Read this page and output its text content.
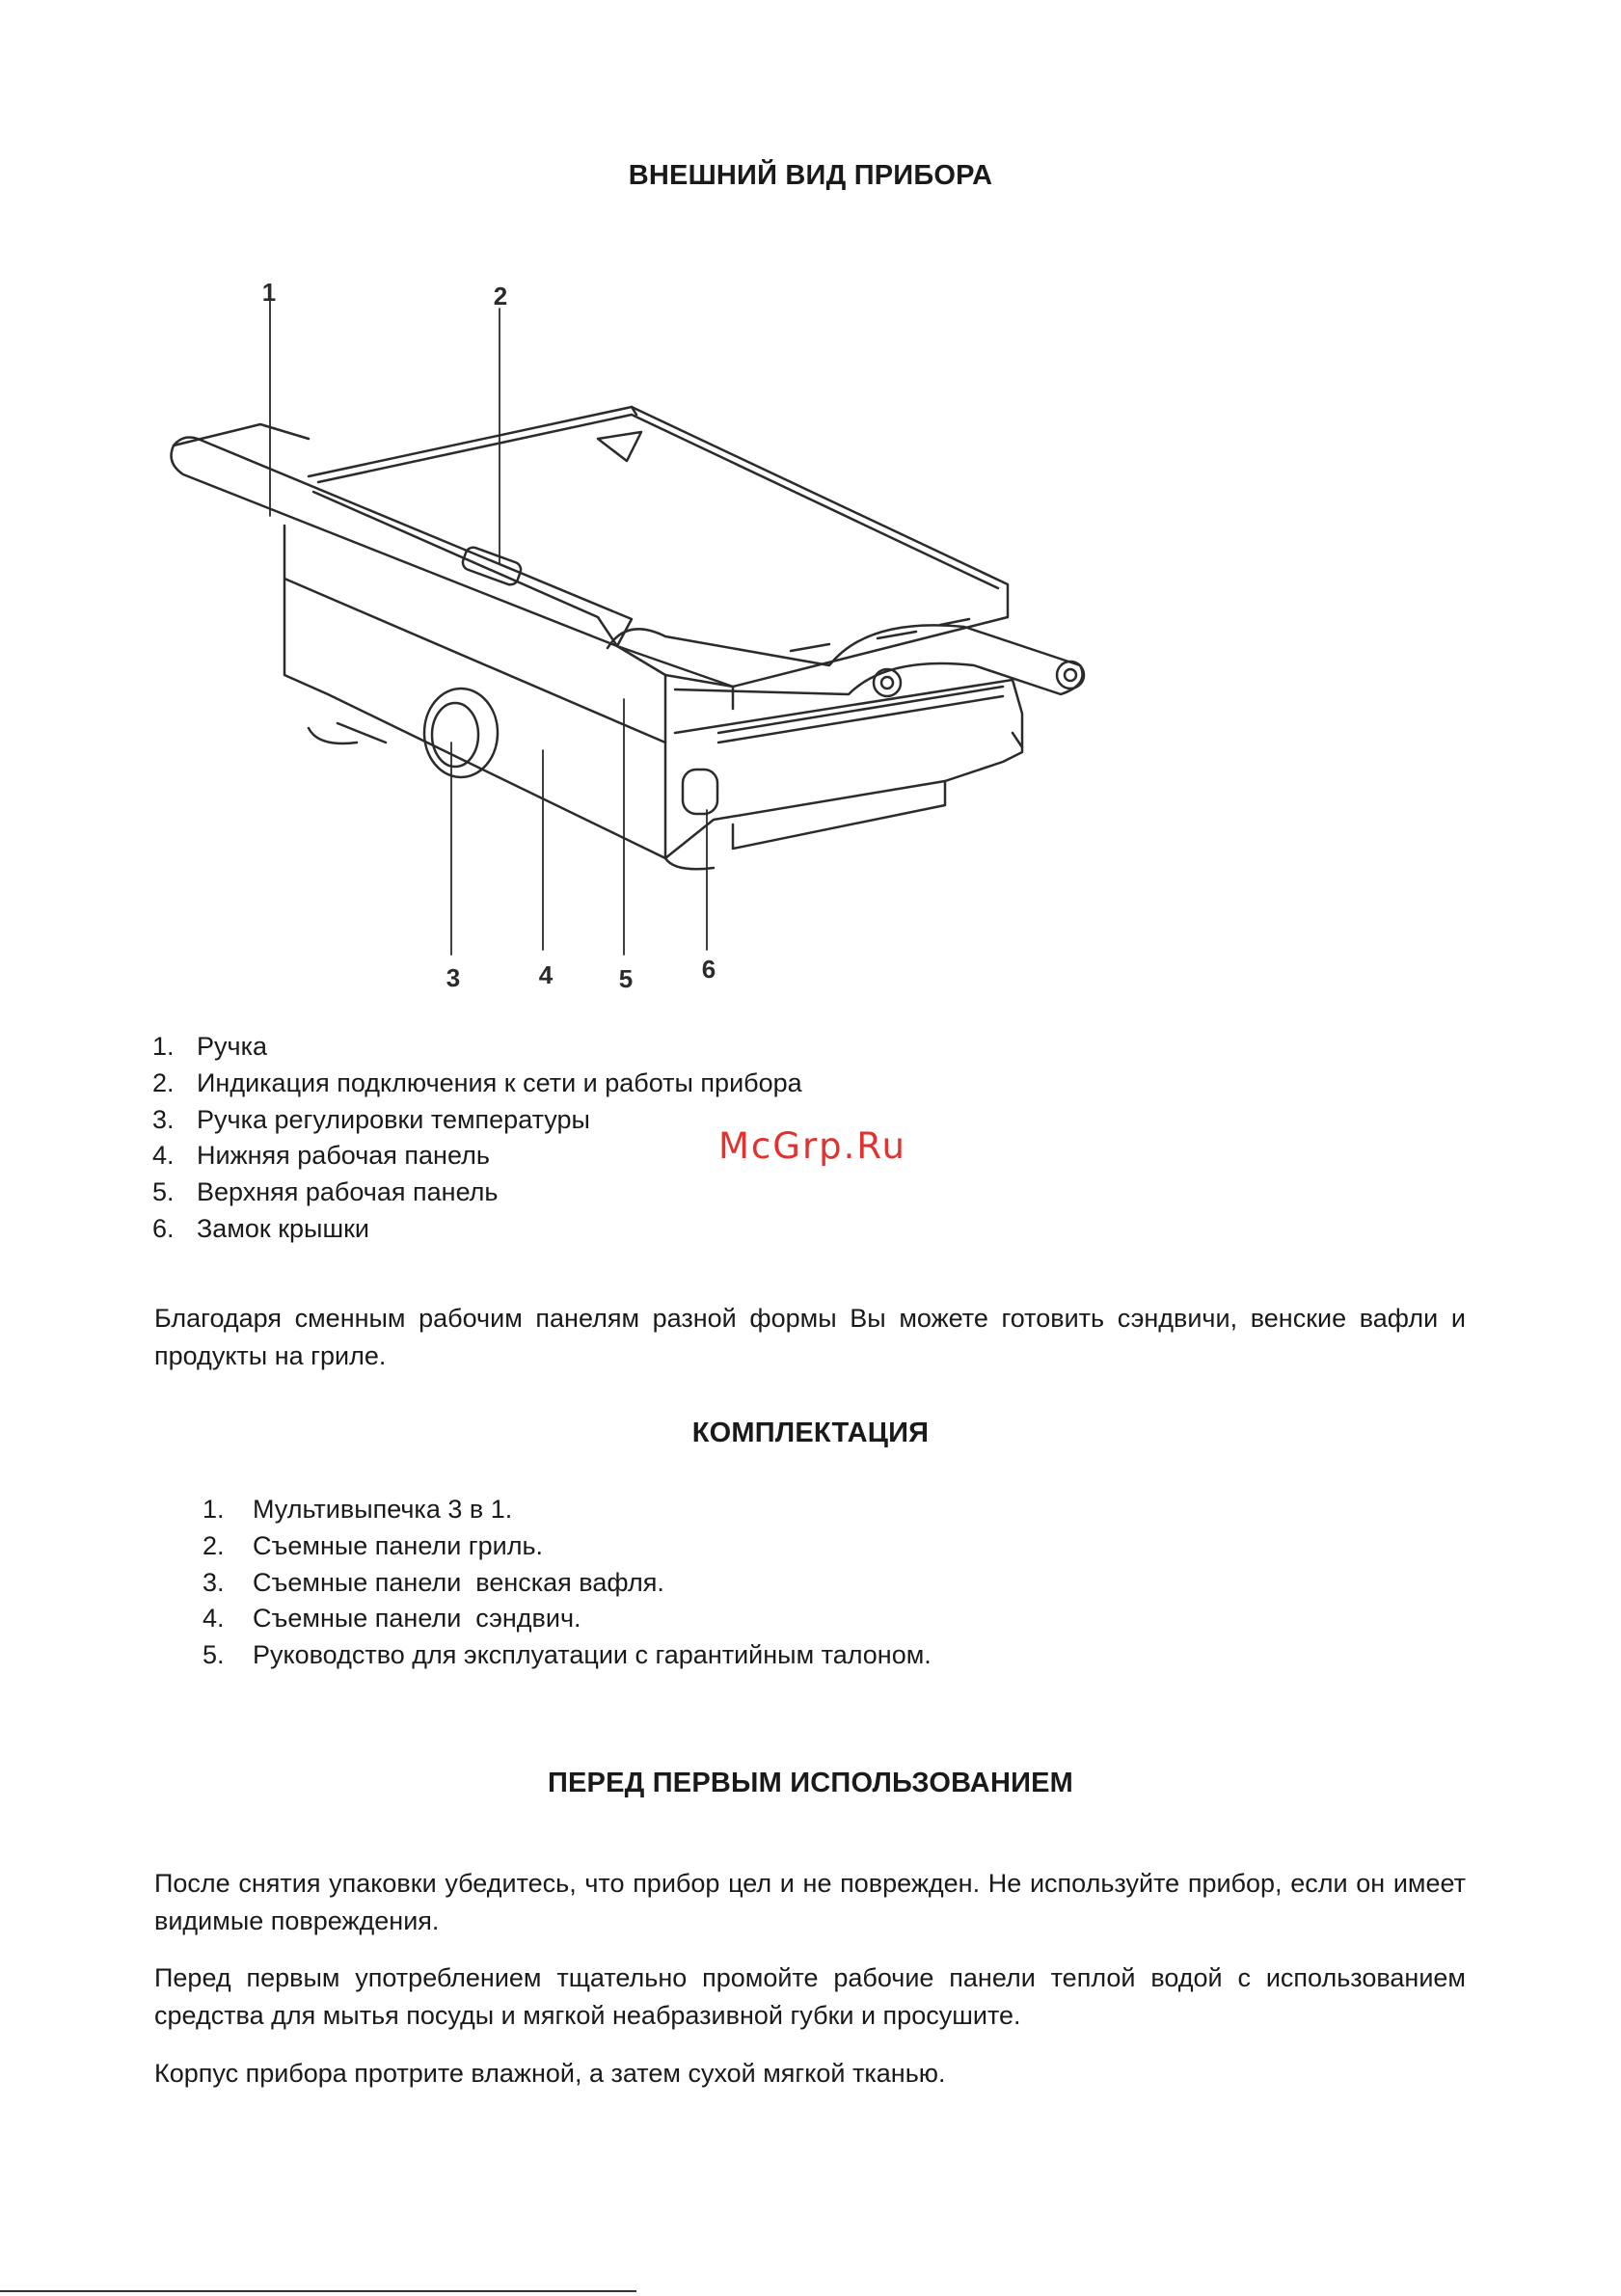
ВНЕШНИЙ ВИД ПРИБОРА
1	2
3	4	5	6
1. Ручка
2. Индикация подключения к сети и работы прибора
3. Ручка регулировки температуры
4. Нижняя рабочая панель
5. Верхняя рабочая панель
6. Замок крышки
McGrp.Ru

Благодаря сменным рабочим панелям разной формы Вы можете готовить сэндвичи, венские вафли и продукты на гриле.

КОМПЛЕКТАЦИЯ
1. Мультивыпечка 3 в 1.
2. Съемные панели гриль.
3. Съемные панели  венская вафля.
4. Съемные панели  сэндвич.
5. Руководство для эксплуатации с гарантийным талоном.
ПЕРЕД ПЕРВЫМ ИСПОЛЬЗОВАНИЕМ

После снятия упаковки убедитесь, что прибор цел и не поврежден. Не используйте прибор, если он имеет видимые повреждения.

Перед первым употреблением тщательно промойте рабочие панели теплой водой с использованием средства для мытья посуды и мягкой неабразивной губки и просушите.

Корпус прибора протрите влажной, а затем сухой мягкой тканью.
